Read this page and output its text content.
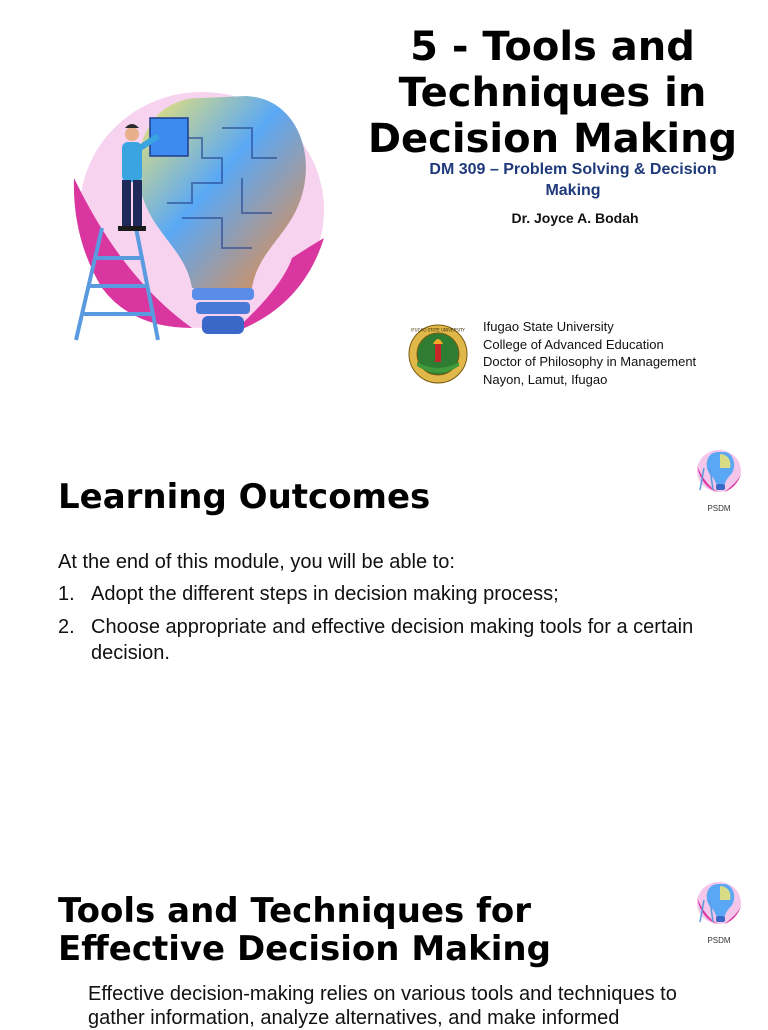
5 - Tools and
Techniques in
Decision Making
DM 309 – Problem Solving & Decision
Making
Dr. Joyce A. Bodah
IFUGAO STATE UNIVERSITY Ifugao State University
College of Advanced Education
Doctor of Philosophy in Management
Nayon, Lamut, Ifugao
Learning Outcomes	PSDM
At the end of this module, you will be able to:
1. Adopt the different steps in decision making process;
2. Choose appropriate and effective decision making tools for a certain decision.
Tools and Techniques for
Effective Decision Making	PSDM
Effective decision-making relies on various tools and techniques to gather information, analyze alternatives, and make informed
